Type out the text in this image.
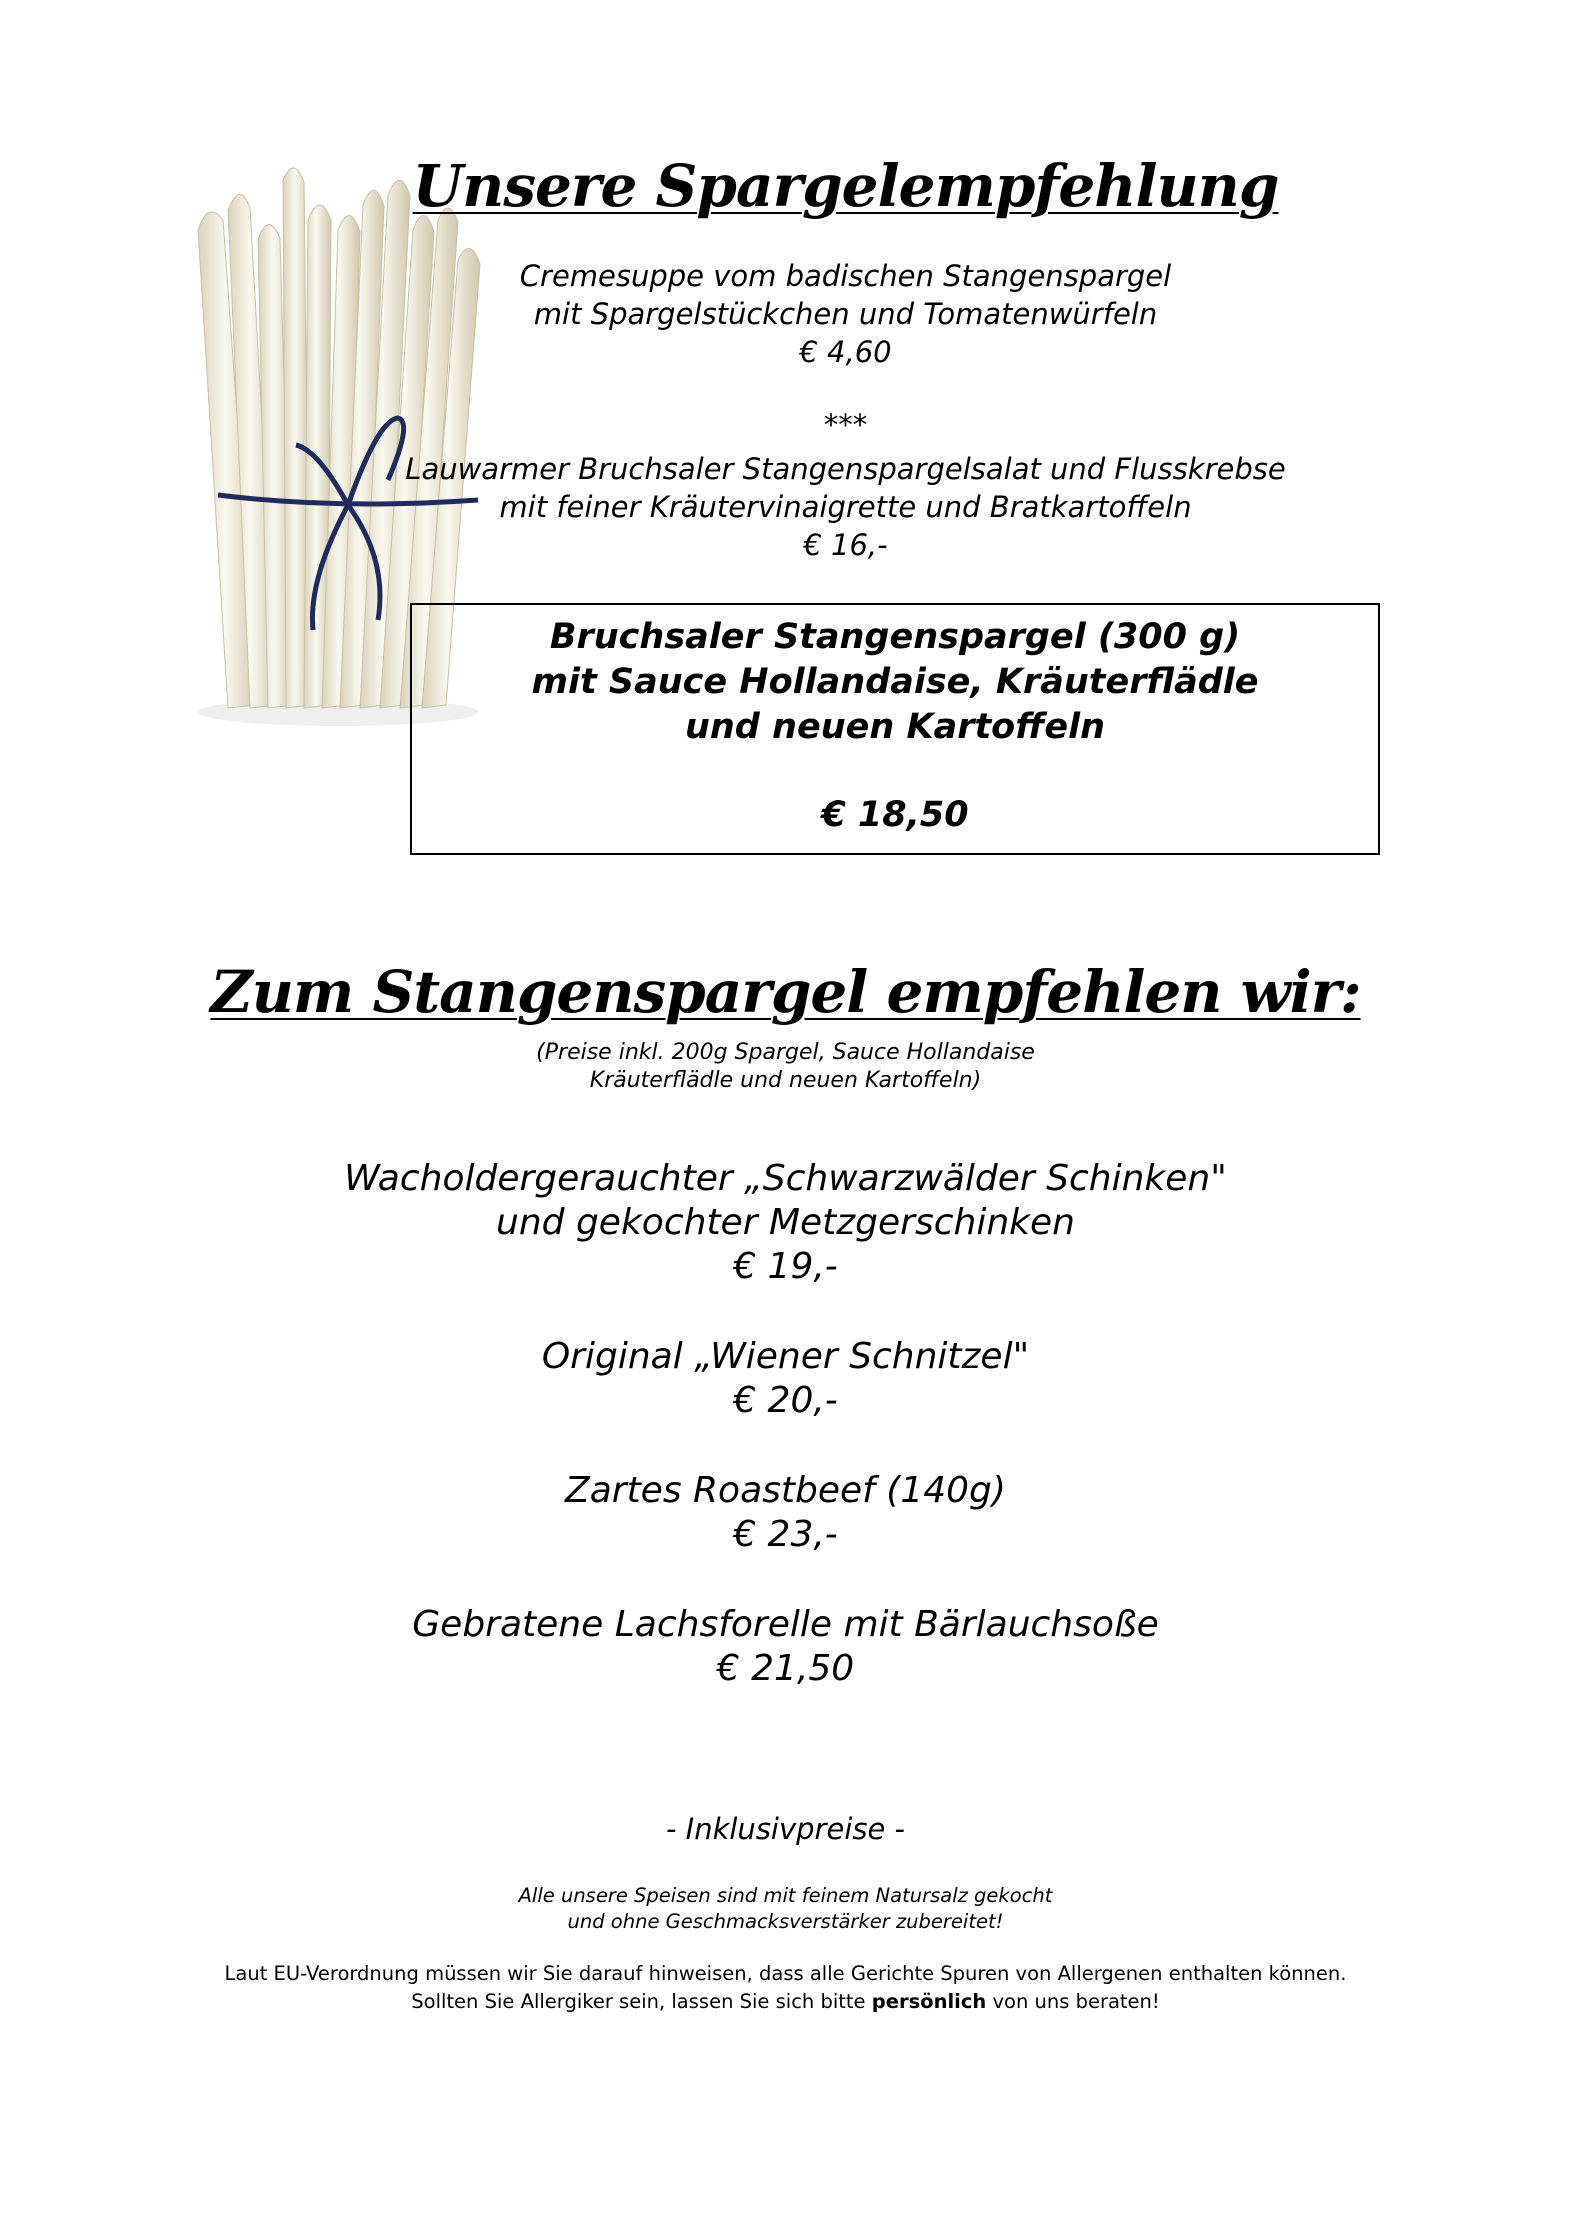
Unsere Spargelempfehlung
Cremesuppe vom badischen Stangenspargel
mit Spargelstückchen und Tomatenwürfeln
€ 4,60
***
Lauwarmer Bruchsaler Stangenspargelsalat und Flusskrebse
mit feiner Kräutervinaigrette und Bratkartoffeln
€ 16,-
Bruchsaler Stangenspargel (300 g)
mit Sauce Hollandaise, Kräuterflädle
und neuen Kartoffeln
€ 18,50
Zum Stangenspargel empfehlen wir:
(Preise inkl. 200g Spargel, Sauce Hollandaise
Kräuterflädle und neuen Kartoffeln)
Wacholdergerauchter „Schwarzwälder Schinken"
und gekochter Metzgerschinken
€ 19,-
Original „Wiener Schnitzel"
€ 20,-
Zartes Roastbeef (140g)
€ 23,-
Gebratene Lachsforelle mit Bärlauchsoße
€ 21,50
- Inklusivpreise -
Alle unsere Speisen sind mit feinem Natursalz gekocht
und ohne Geschmacksverstärker zubereitet!
Laut EU-Verordnung müssen wir Sie darauf hinweisen, dass alle Gerichte Spuren von Allergenen enthalten können.
Sollten Sie Allergiker sein, lassen Sie sich bitte persönlich von uns beraten!
